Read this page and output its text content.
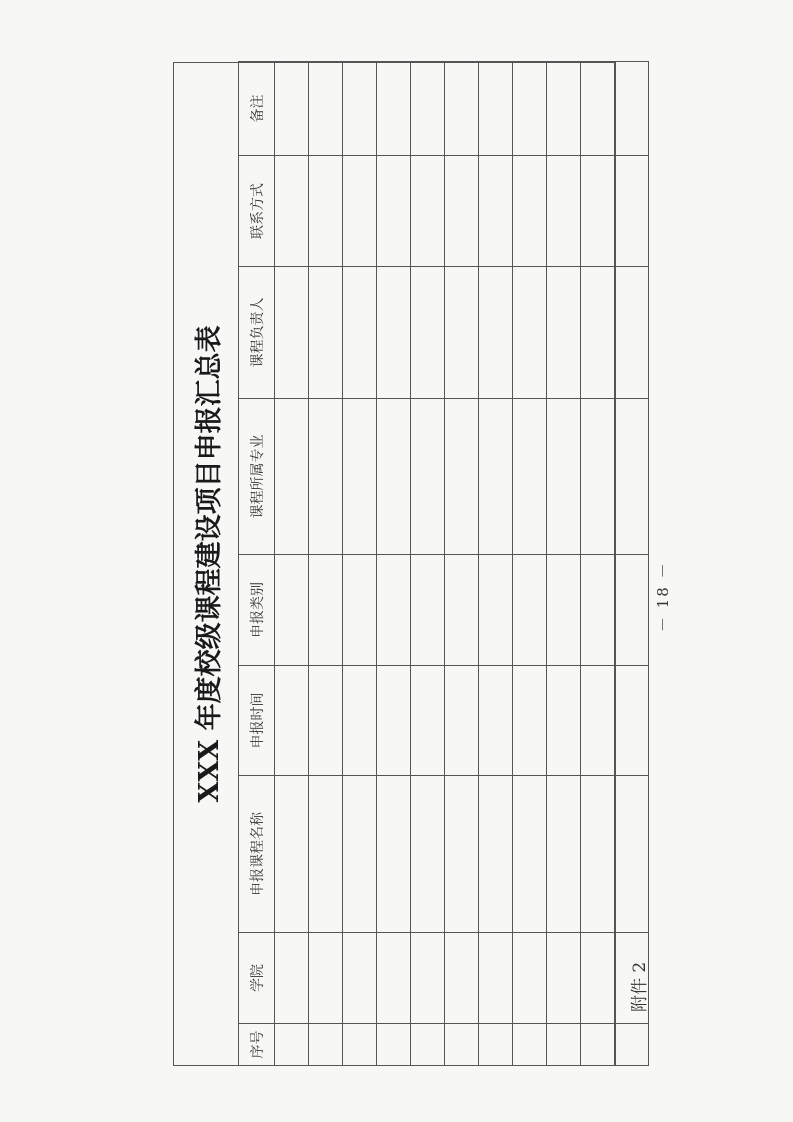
附件 2
－ 18 －
XXX 年度校级课程建设项目申报汇总表
序号	学院	申报课程名称	申报时间	申报类别	课程所属专业	课程负责人	联系方式	备注
